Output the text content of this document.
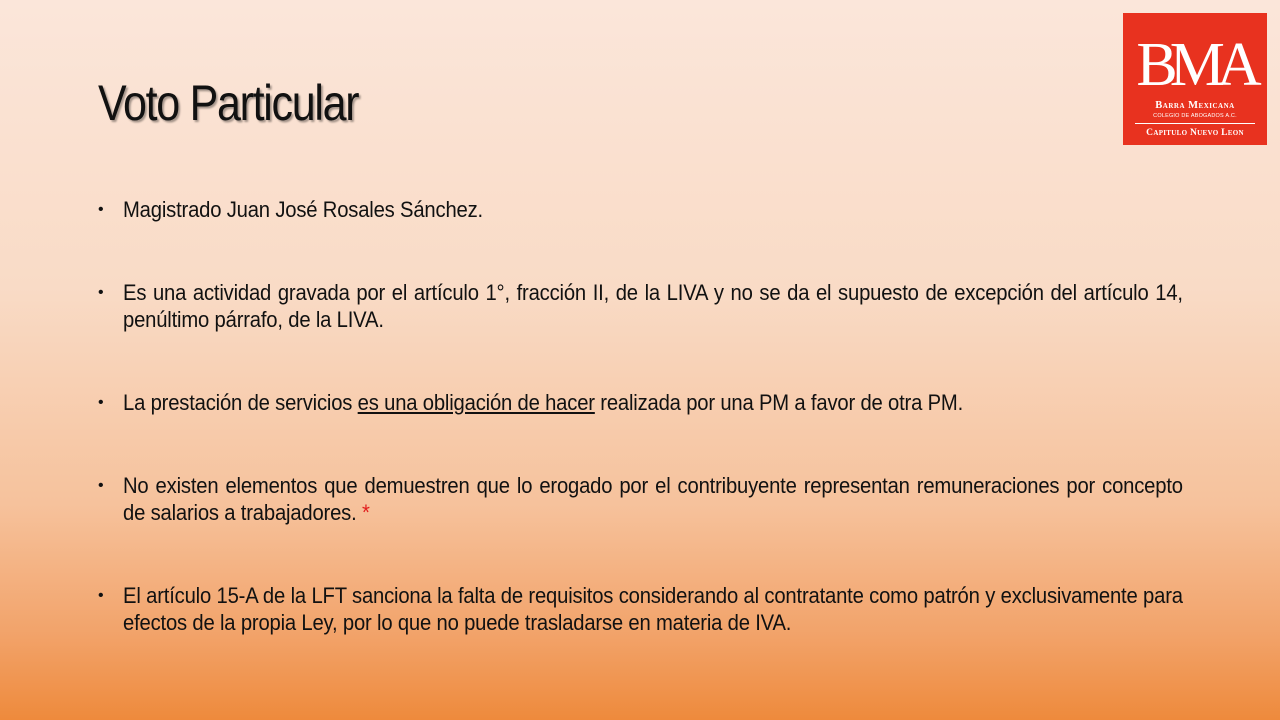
Voto Particular
BMA
Barra Mexicana
COLEGIO DE ABOGADOS A.C.
Capitulo Nuevo Leon
• Magistrado Juan José Rosales Sánchez.
• Es una actividad gravada por el artículo 1°, fracción II, de la LIVA y no se da el supuesto de excepción del artículo 14, penúltimo párrafo, de la LIVA.
• La prestación de servicios es una obligación de hacer realizada por una PM a favor de otra PM.
• No existen elementos que demuestren que lo erogado por el contribuyente representan remuneraciones por concepto de salarios a trabajadores. *
• El artículo 15-A de la LFT sanciona la falta de requisitos considerando al contratante como patrón y exclusivamente para efectos de la propia Ley, por lo que no puede trasladarse en materia de IVA.
